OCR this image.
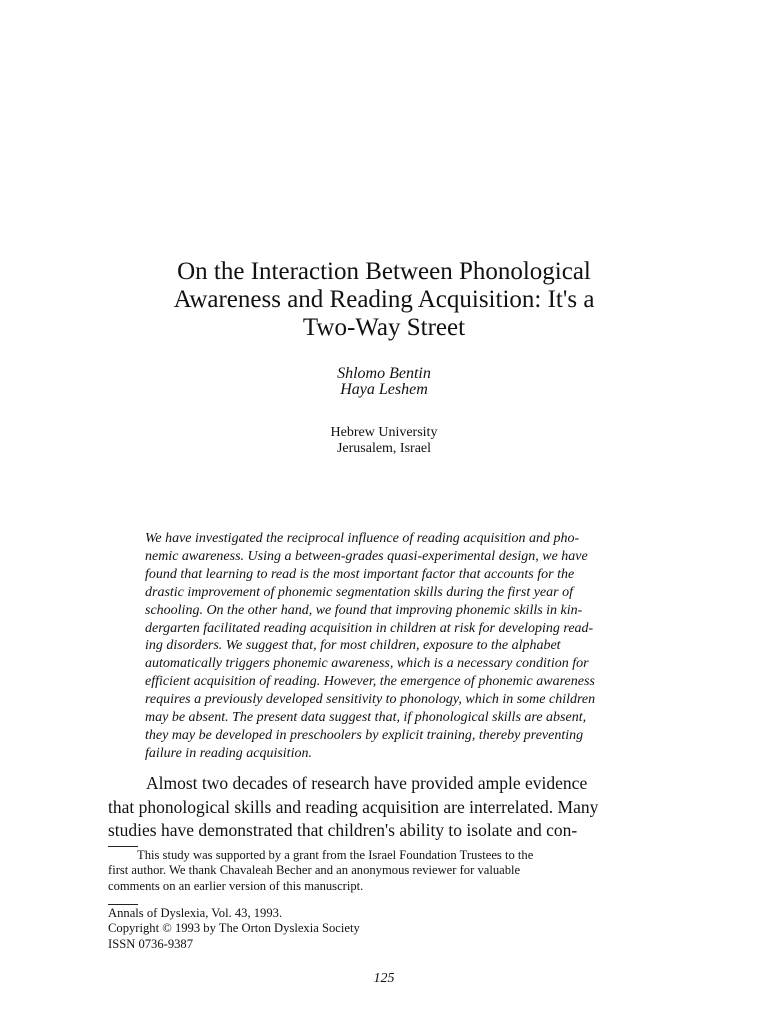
On the Interaction Between Phonological
Awareness and Reading Acquisition: It's a
Two-Way Street
Shlomo Bentin
Haya Leshem
Hebrew University
Jerusalem, Israel
We have investigated the reciprocal influence of reading acquisition and pho-
nemic awareness. Using a between-grades quasi-experimental design, we have
found that learning to read is the most important factor that accounts for the
drastic improvement of phonemic segmentation skills during the first year of
schooling. On the other hand, we found that improving phonemic skills in kin-
dergarten facilitated reading acquisition in children at risk for developing read-
ing disorders. We suggest that, for most children, exposure to the alphabet
automatically triggers phonemic awareness, which is a necessary condition for
efficient acquisition of reading. However, the emergence of phonemic awareness
requires a previously developed sensitivity to phonology, which in some children
may be absent. The present data suggest that, if phonological skills are absent,
they may be developed in preschoolers by explicit training, thereby preventing
failure in reading acquisition.
Almost two decades of research have provided ample evidence
that phonological skills and reading acquisition are interrelated. Many
studies have demonstrated that children's ability to isolate and con-
This study was supported by a grant from the Israel Foundation Trustees to the
first author. We thank Chavaleah Becher and an anonymous reviewer for valuable
comments on an earlier version of this manuscript.
Annals of Dyslexia, Vol. 43, 1993.
Copyright © 1993 by The Orton Dyslexia Society
ISSN 0736-9387
125
